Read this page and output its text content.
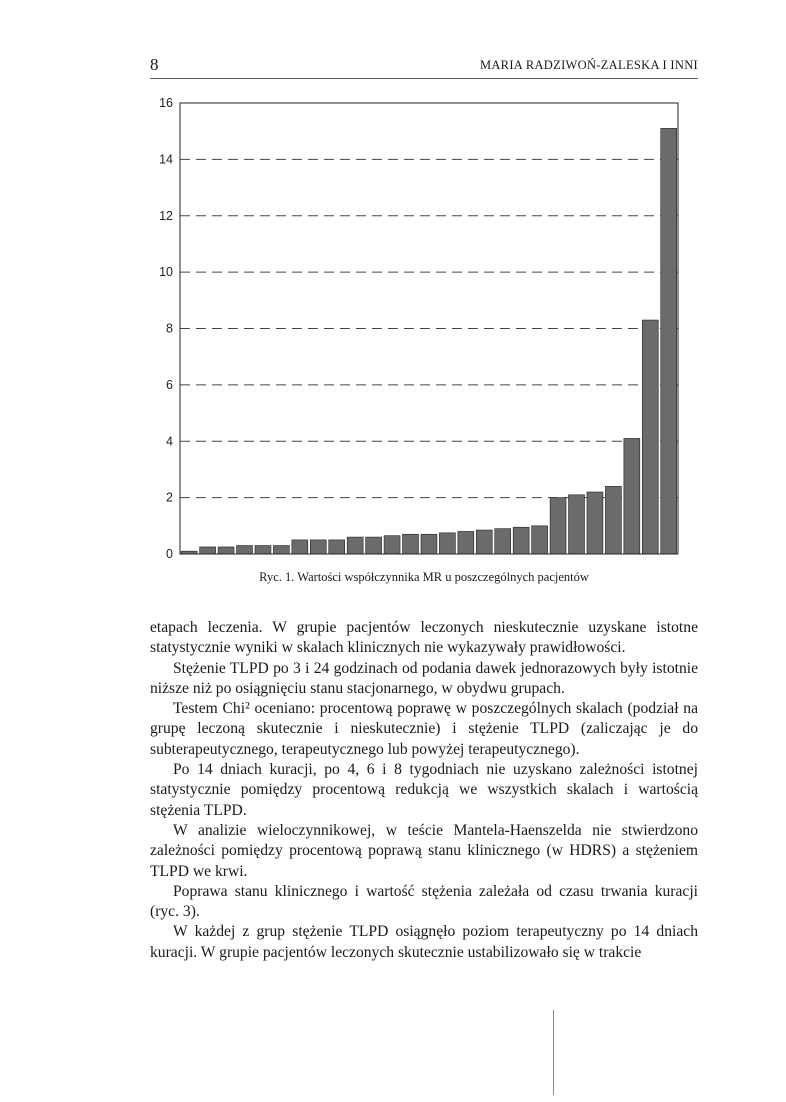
8	MARIA RADZIWOŃ-ZALESKA I INNI
0
2
4
6
8
10
12
14
16
Ryc. 1. Wartości współczynnika MR u poszczególnych pacjentów

etapach leczenia. W grupie pacjentów leczonych nieskutecznie uzyskane istotne statystycznie wyniki w skalach klinicznych nie wykazywały prawidłowości.

Stężenie TLPD po 3 i 24 godzinach od podania dawek jednorazowych były istotnie niższe niż po osiągnięciu stanu stacjonarnego, w obydwu grupach.

Testem Chi² oceniano: procentową poprawę w poszczególnych skalach (podział na grupę leczoną skutecznie i nieskutecznie) i stężenie TLPD (zaliczając je do subterapeutycznego, terapeutycznego lub powyżej terapeutycznego).

Po 14 dniach kuracji, po 4, 6 i 8 tygodniach nie uzyskano zależności istotnej statystycznie pomiędzy procentową redukcją we wszystkich skalach i wartością stężenia TLPD.

W analizie wieloczynnikowej, w teście Mantela-Haenszelda nie stwierdzono zależności pomiędzy procentową poprawą stanu klinicznego (w HDRS) a stężeniem TLPD we krwi.

Poprawa stanu klinicznego i wartość stężenia zależała od czasu trwania kuracji (ryc. 3).

W każdej z grup stężenie TLPD osiągnęło poziom terapeutyczny po 14 dniach kuracji. W grupie pacjentów leczonych skutecznie ustabilizowało się w trakcie
